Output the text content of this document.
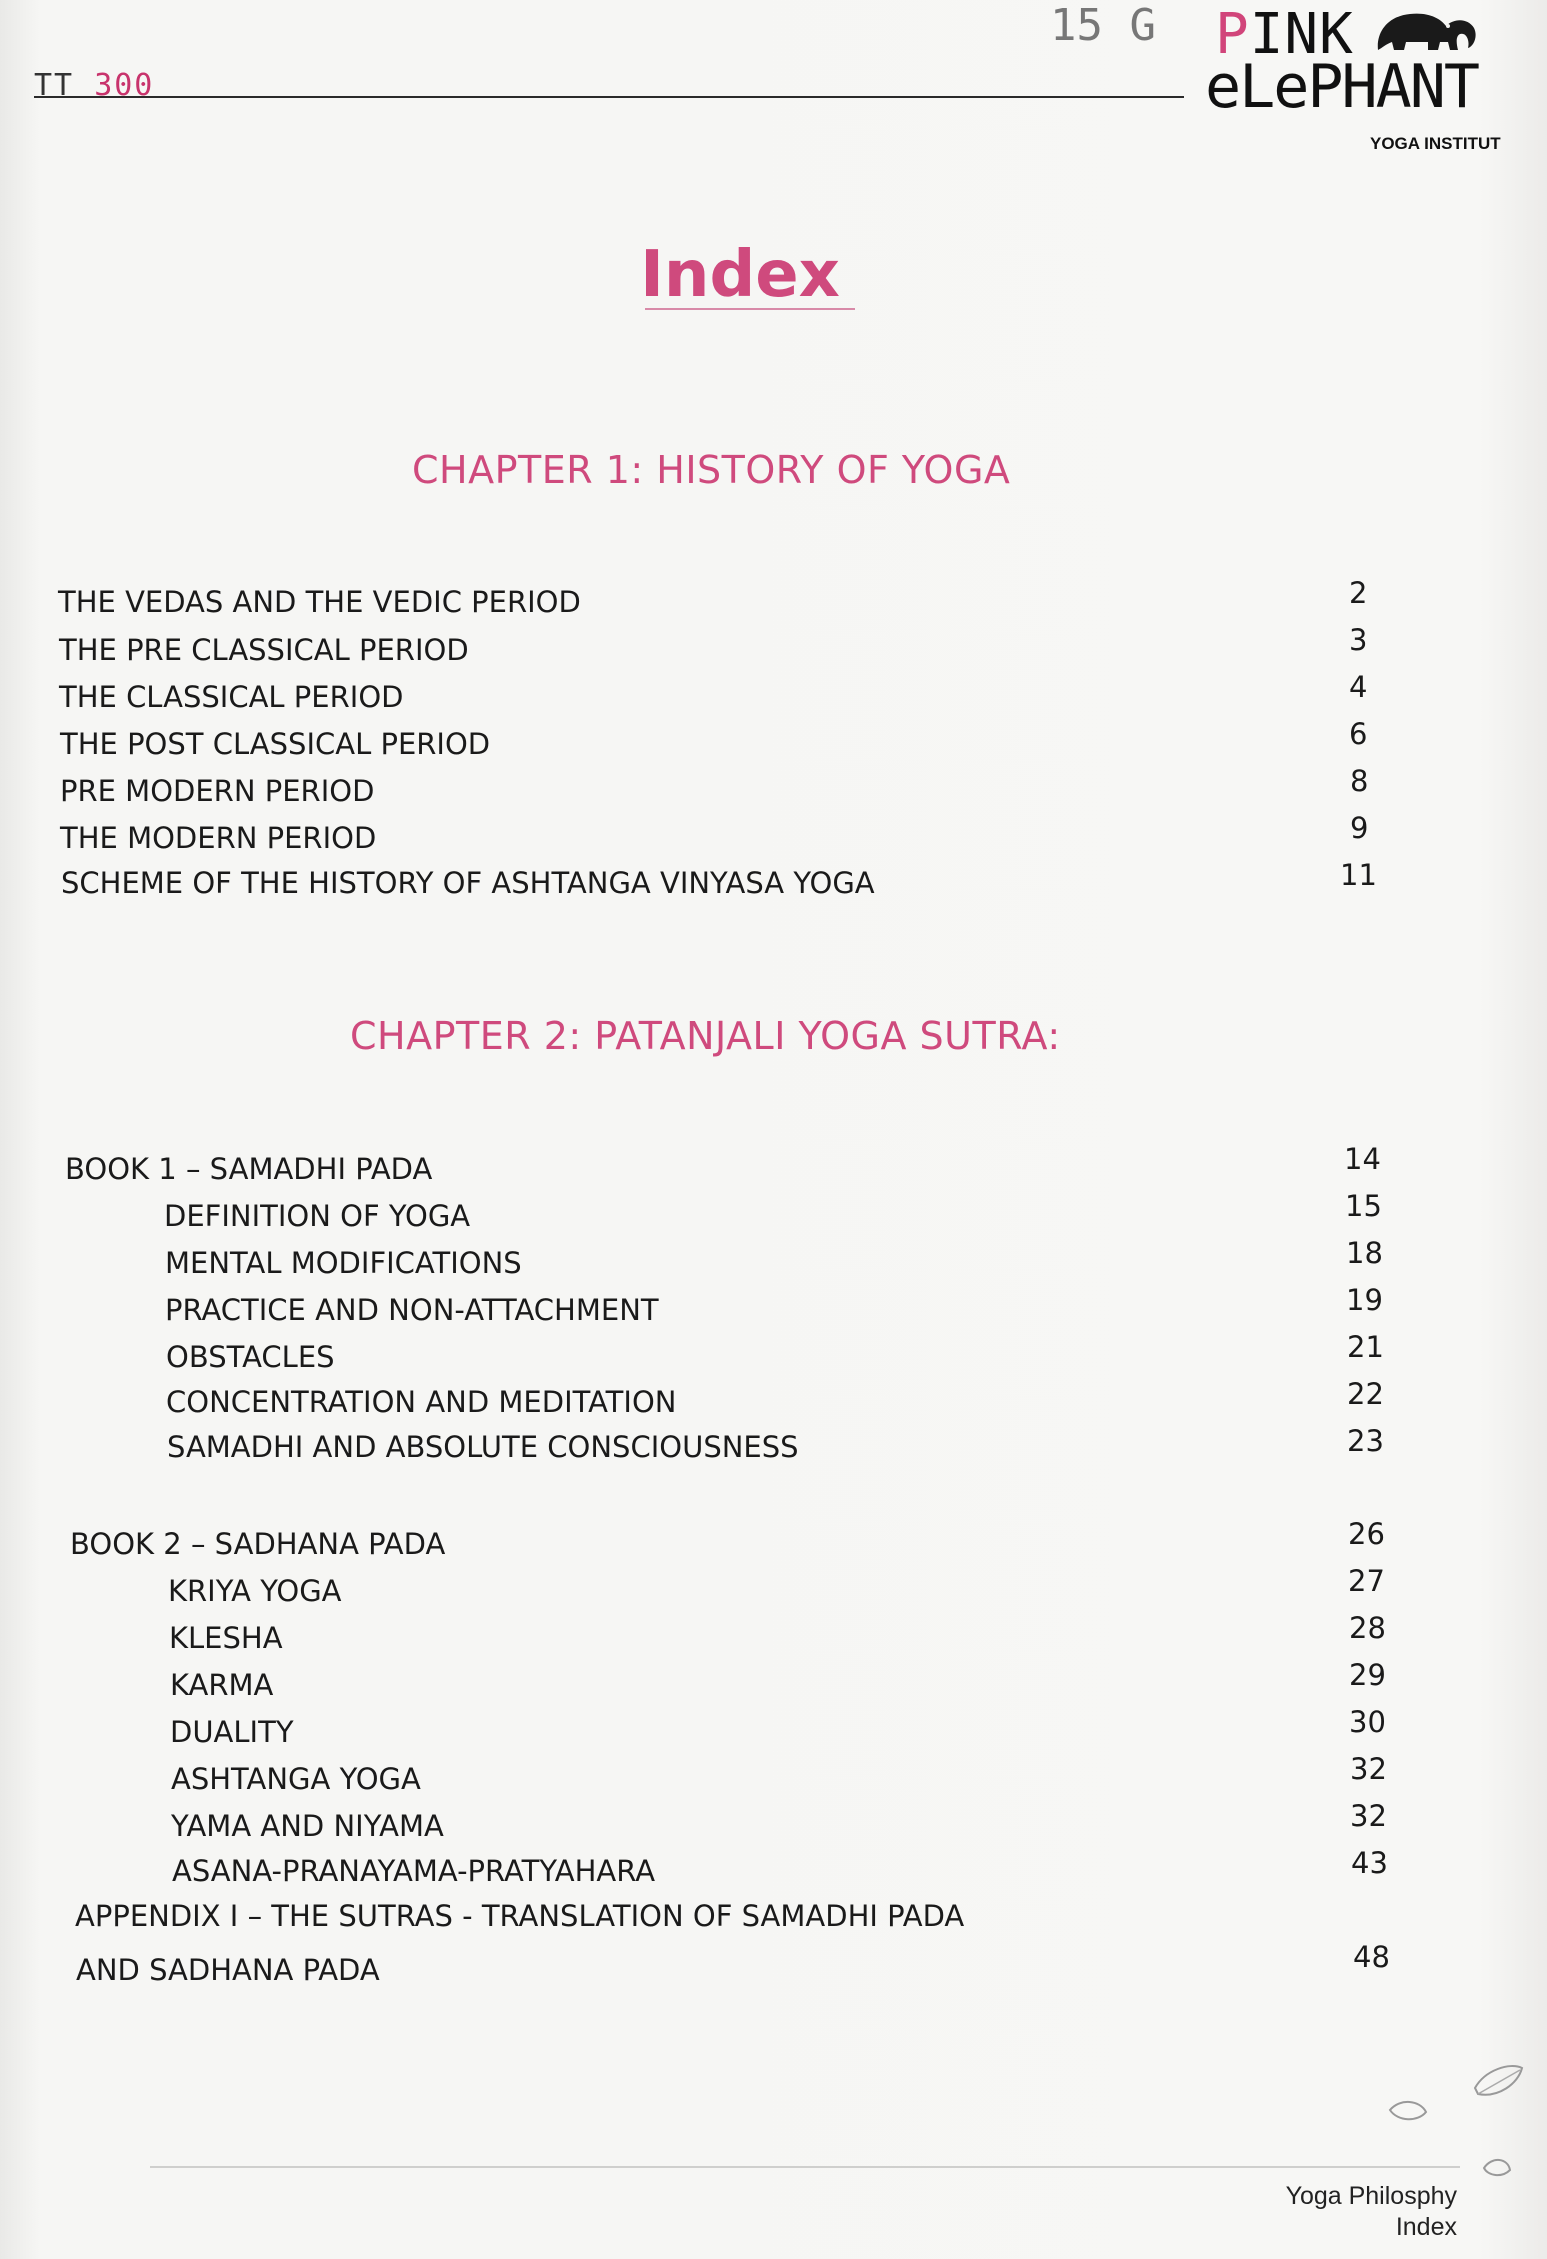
TT 300
15 G PINK
eLePHANT
YOGA INSTITUT
Index
CHAPTER 1: HISTORY OF YOGA
THE VEDAS AND THE VEDIC PERIOD	2
THE PRE CLASSICAL PERIOD	3
THE CLASSICAL PERIOD	4
THE POST CLASSICAL PERIOD	6
PRE MODERN PERIOD	8
THE MODERN PERIOD	9
SCHEME OF THE HISTORY OF ASHTANGA VINYASA YOGA	11
CHAPTER 2: PATANJALI YOGA SUTRA:
BOOK 1 – SAMADHI PADA	14
DEFINITION OF YOGA	15
MENTAL MODIFICATIONS	18
PRACTICE AND NON-ATTACHMENT	19
OBSTACLES	21
CONCENTRATION AND MEDITATION	22
SAMADHI AND ABSOLUTE CONSCIOUSNESS	23
BOOK 2 – SADHANA PADA	26
KRIYA YOGA	27
KLESHA	28
KARMA	29
DUALITY	30
ASHTANGA YOGA	32
YAMA AND NIYAMA	32
ASANA-PRANAYAMA-PRATYAHARA	43
APPENDIX I – THE SUTRAS - TRANSLATION OF SAMADHI PADA
AND SADHANA PADA	48
Yoga Philosphy
Index
